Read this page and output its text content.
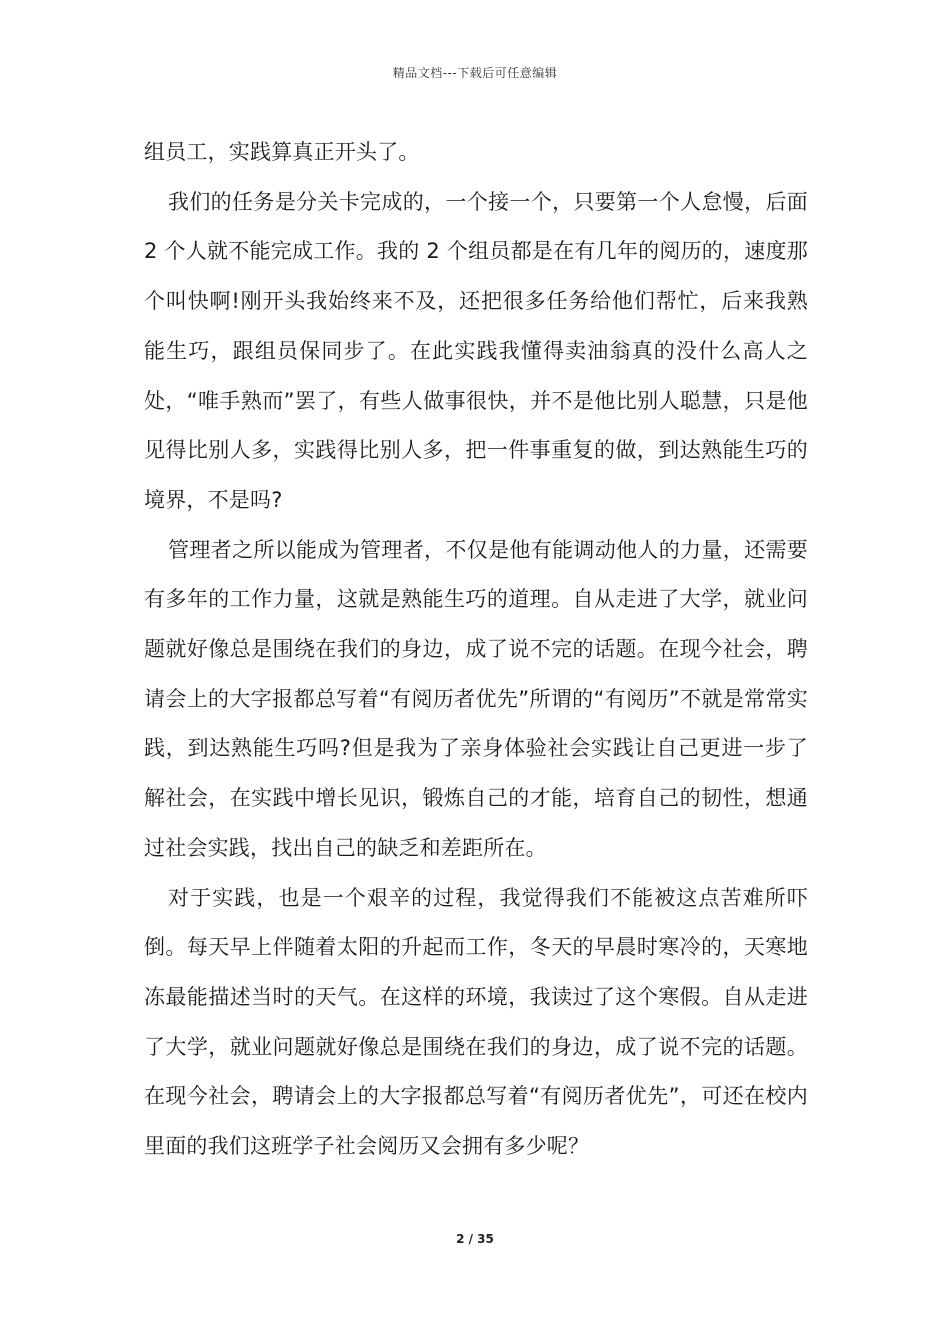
精品文档---下载后可任意编辑

组员工，实践算真正开头了。

我们的任务是分关卡完成的，一个接一个，只要第一个人怠慢，后面 2 个人就不能完成工作。我的 2 个组员都是在有几年的阅历的，速度那个叫快啊!刚开头我始终来不及，还把很多任务给他们帮忙，后来我熟能生巧，跟组员保同步了。在此实践我懂得卖油翁真的没什么高人之处，“唯手熟而”罢了，有些人做事很快，并不是他比别人聪慧，只是他见得比别人多，实践得比别人多，把一件事重复的做，到达熟能生巧的境界，不是吗?

管理者之所以能成为管理者，不仅是他有能调动他人的力量，还需要有多年的工作力量，这就是熟能生巧的道理。自从走进了大学，就业问题就好像总是围绕在我们的身边，成了说不完的话题。在现今社会，聘请会上的大字报都总写着“有阅历者优先”所谓的“有阅历”不就是常常实践，到达熟能生巧吗?但是我为了亲身体验社会实践让自己更进一步了解社会，在实践中增长见识，锻炼自己的才能，培育自己的韧性，想通过社会实践，找出自己的缺乏和差距所在。

对于实践，也是一个艰辛的过程，我觉得我们不能被这点苦难所吓倒。每天早上伴随着太阳的升起而工作，冬天的早晨时寒冷的，天寒地冻最能描述当时的天气。在这样的环境，我读过了这个寒假。自从走进了大学，就业问题就好像总是围绕在我们的身边，成了说不完的话题。在现今社会，聘请会上的大字报都总写着“有阅历者优先”，可还在校内里面的我们这班学子社会阅历又会拥有多少呢？

2 / 35
